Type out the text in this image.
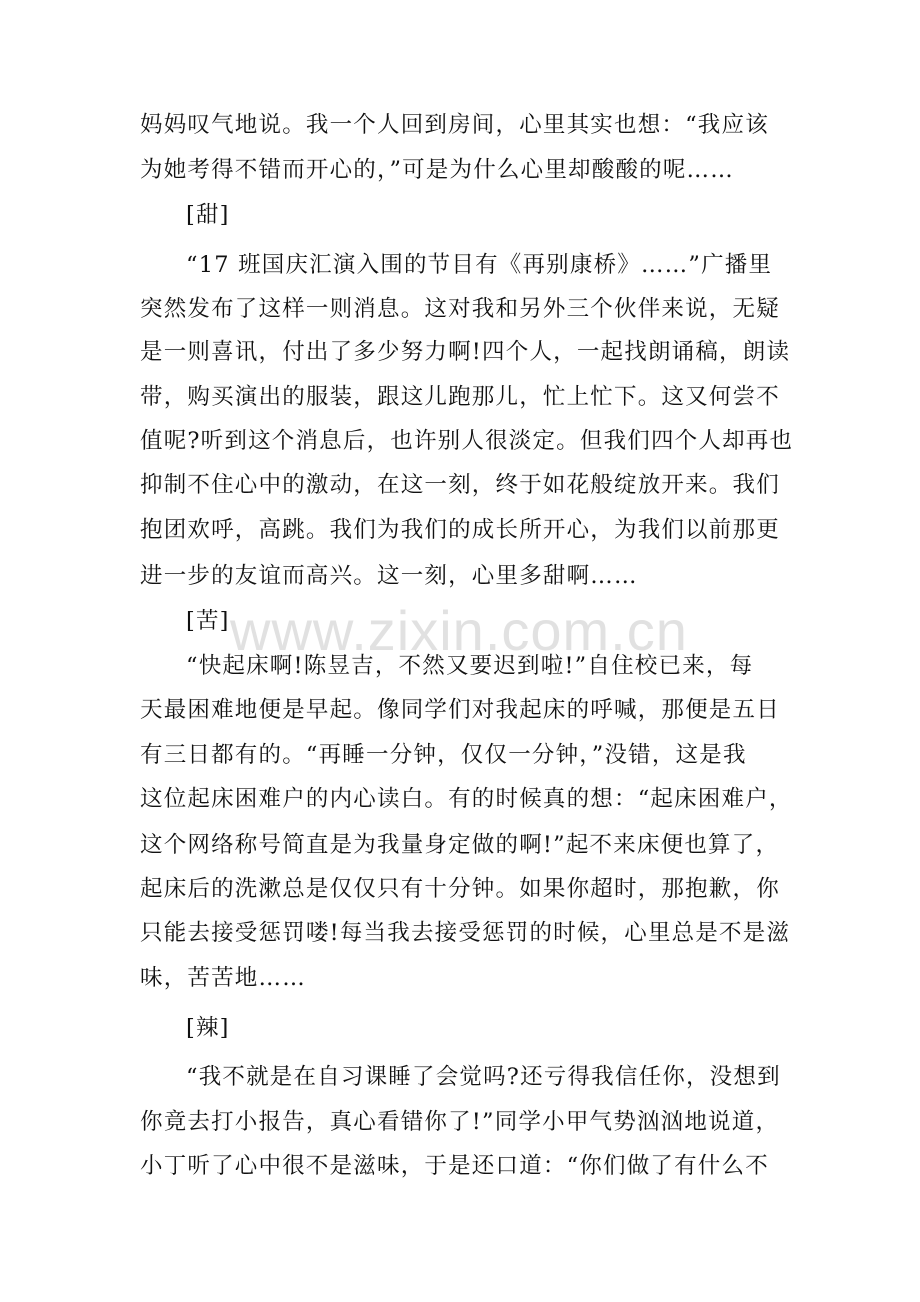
妈妈叹气地说。我一个人回到房间，心里其实也想：“我应该
为她考得不错而开心的，”可是为什么心里却酸酸的呢……
[甜]
“17 班国庆汇演入围的节目有《再别康桥》……”广播里
突然发布了这样一则消息。这对我和另外三个伙伴来说，无疑
是一则喜讯，付出了多少努力啊!四个人，一起找朗诵稿，朗读
带，购买演出的服装，跟这儿跑那儿，忙上忙下。这又何尝不
值呢?听到这个消息后，也许别人很淡定。但我们四个人却再也
抑制不住心中的激动，在这一刻，终于如花般绽放开来。我们
抱团欢呼，高跳。我们为我们的成长所开心，为我们以前那更
进一步的友谊而高兴。这一刻，心里多甜啊……
[苦]
“快起床啊!陈昱吉，不然又要迟到啦!”自住校已来，每
天最困难地便是早起。像同学们对我起床的呼喊，那便是五日
有三日都有的。“再睡一分钟，仅仅一分钟，”没错，这是我
这位起床困难户的内心读白。有的时候真的想：“起床困难户，
这个网络称号简直是为我量身定做的啊!”起不来床便也算了，
起床后的洗漱总是仅仅只有十分钟。如果你超时，那抱歉，你
只能去接受惩罚喽!每当我去接受惩罚的时候，心里总是不是滋
味，苦苦地……
[辣]
“我不就是在自习课睡了会觉吗?还亏得我信任你，没想到
你竟去打小报告，真心看错你了!”同学小甲气势汹汹地说道，
小丁听了心中很不是滋味，于是还口道：“你们做了有什么不
www.zixin.com.cn
